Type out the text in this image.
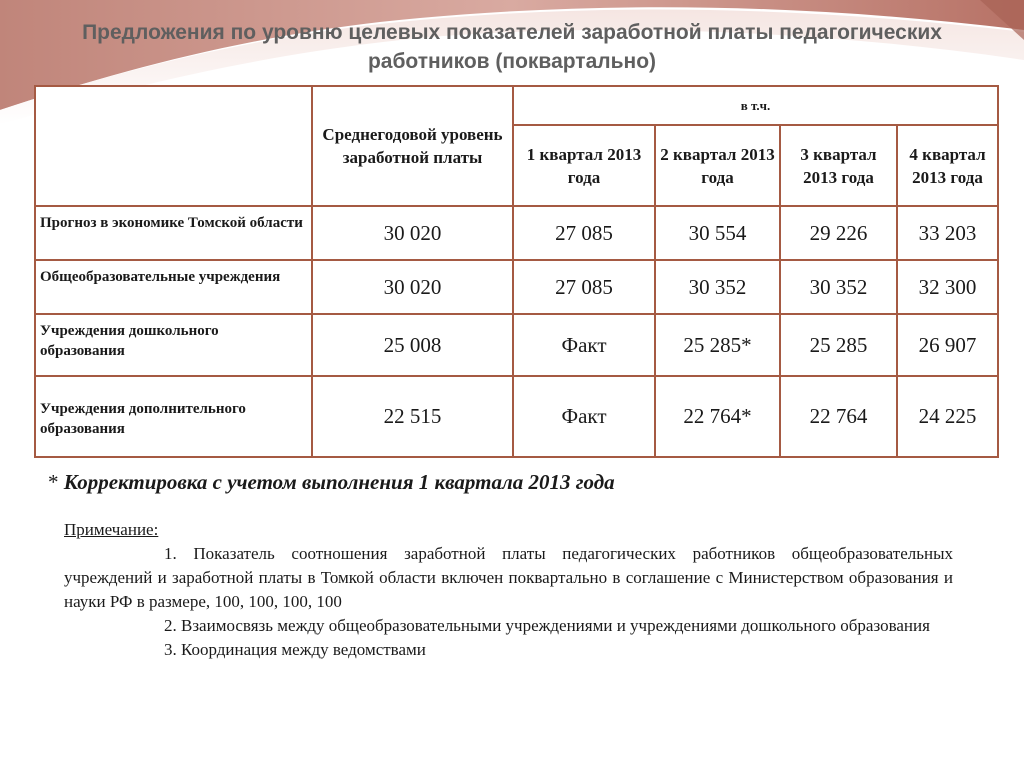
Предложения по уровню целевых показателей заработной платы педагогических работников (поквартально)
	Среднегодовой уровень заработной платы	в т.ч.			
		1 квартал 2013 года	2 квартал 2013 года	3 квартал 2013 года	4 квартал 2013 года
Прогноз в экономике Томской области	30 020	27 085	30 554	29 226	33 203
Общеобразовательные учреждения	30 020	27 085	30 352	30 352	32 300
Учреждения дошкольного образования	25 008	Факт	25 285*	25 285	26 907
Учреждения дополнительного образования	22 515	Факт	22 764*	22 764	24 225
* Корректировка с учетом выполнения 1 квартала 2013 года
Примечание:
1. Показатель соотношения заработной платы педагогических работников общеобразовательных учреждений и заработной платы в Томкой области включен поквартально в соглашение с Министерством образования и науки РФ в размере, 100, 100, 100, 100
2. Взаимосвязь между общеобразовательными учреждениями и учреждениями дошкольного образования
3. Координация между ведомствами
